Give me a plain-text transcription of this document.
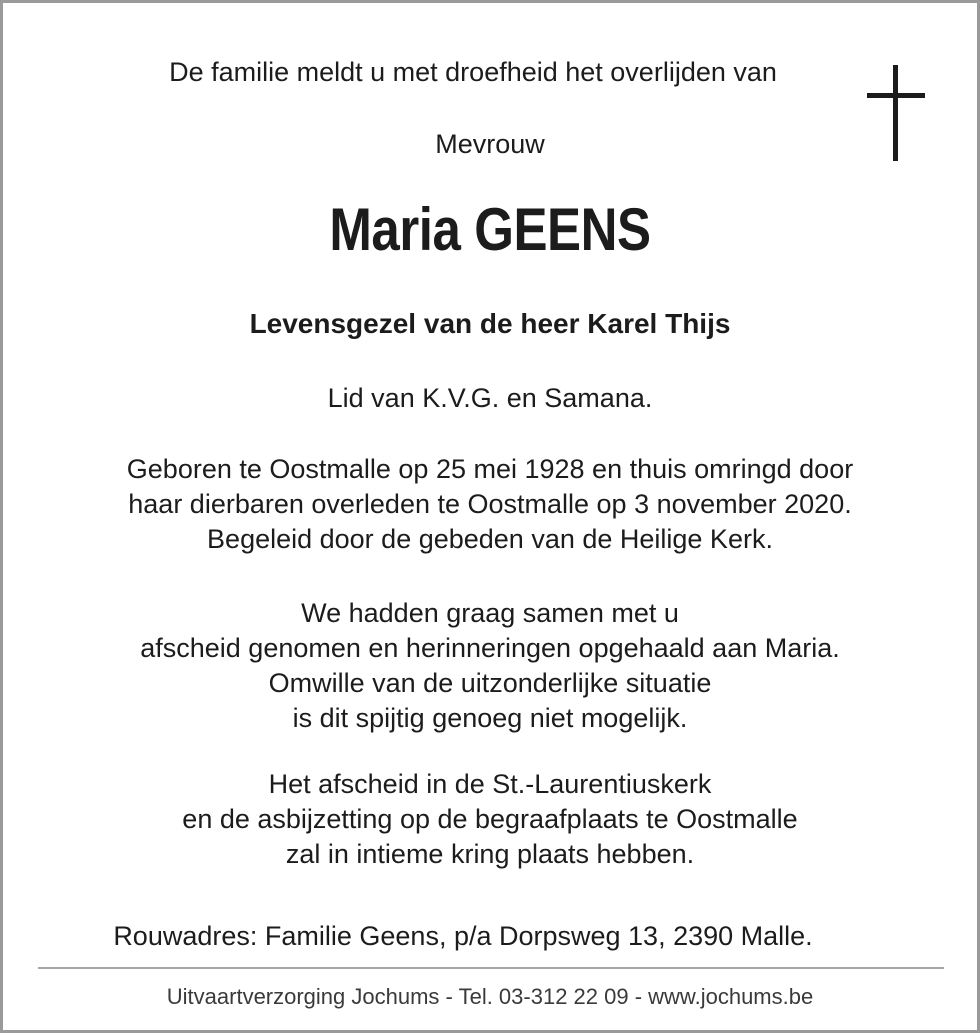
De familie meldt u met droefheid het overlijden van

Mevrouw

Maria GEENS

Levensgezel van de heer Karel Thijs

Lid van K.V.G. en Samana.

Geboren te Oostmalle op 25 mei 1928 en thuis omringd door
haar dierbaren overleden te Oostmalle op 3 november 2020.
Begeleid door de gebeden van de Heilige Kerk.
We hadden graag samen met u
afscheid genomen en herinneringen opgehaald aan Maria.
Omwille van de uitzonderlijke situatie
is dit spijtig genoeg niet mogelijk.
Het afscheid in de St.-Laurentiuskerk
en de asbijzetting op de begraafplaats te Oostmalle
zal in intieme kring plaats hebben.

Rouwadres: Familie Geens, p/a Dorpsweg 13, 2390 Malle.

Uitvaartverzorging Jochums - Tel. 03-312 22 09 - www.jochums.be
